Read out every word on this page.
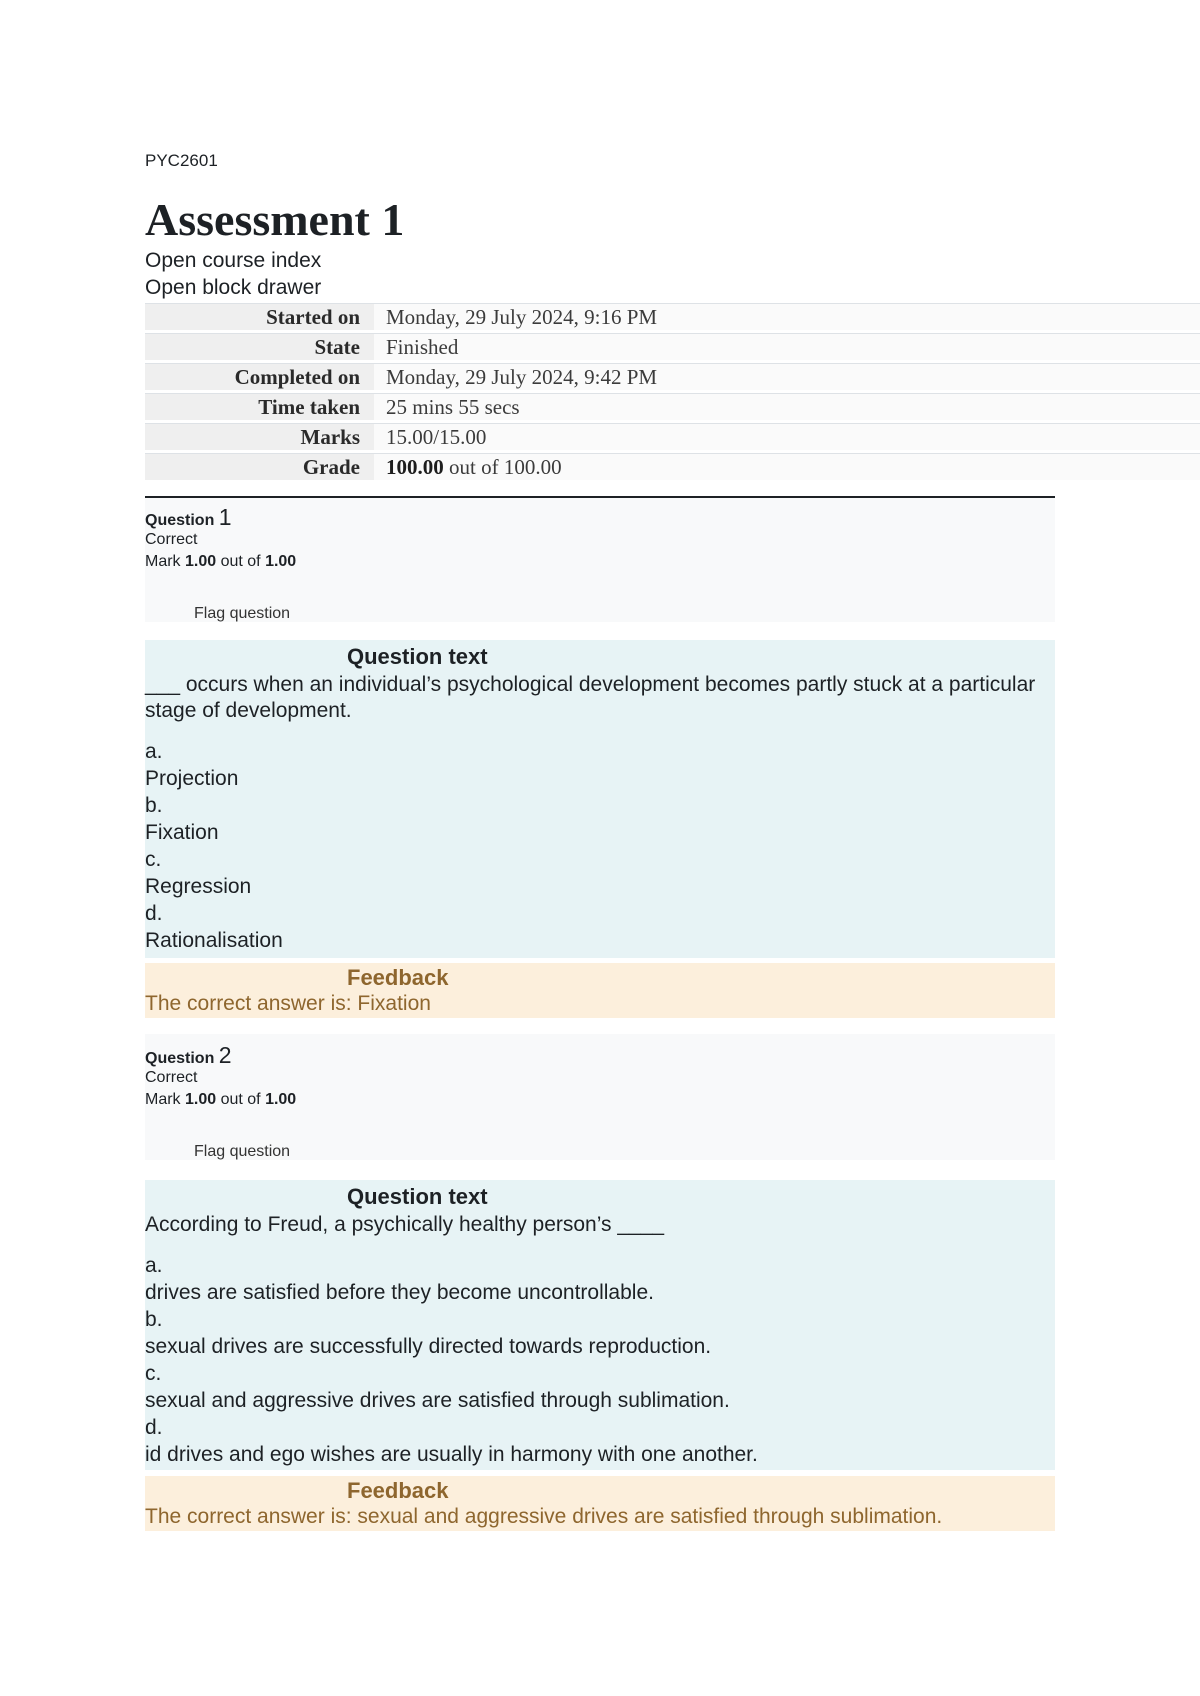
PYC2601
Assessment 1
Open course index
Open block drawer
Started on	Monday, 29 July 2024, 9:16 PM
State	Finished
Completed on	Monday, 29 July 2024, 9:42 PM
Time taken	25 mins 55 secs
Marks	15.00/15.00
Grade	100.00 out of 100.00
Question 1
Correct
Mark 1.00 out of 1.00
Flag question
Question text
___ occurs when an individual’s psychological development becomes partly stuck at a particular stage of development.
a.
Projection
b.
Fixation
c.
Regression
d.
Rationalisation
Feedback
The correct answer is: Fixation
Question 2
Correct
Mark 1.00 out of 1.00
Flag question
Question text
According to Freud, a psychically healthy person’s ____
a.
drives are satisfied before they become uncontrollable.
b.
sexual drives are successfully directed towards reproduction.
c.
sexual and aggressive drives are satisfied through sublimation.
d.
id drives and ego wishes are usually in harmony with one another.
Feedback
The correct answer is: sexual and aggressive drives are satisfied through sublimation.
